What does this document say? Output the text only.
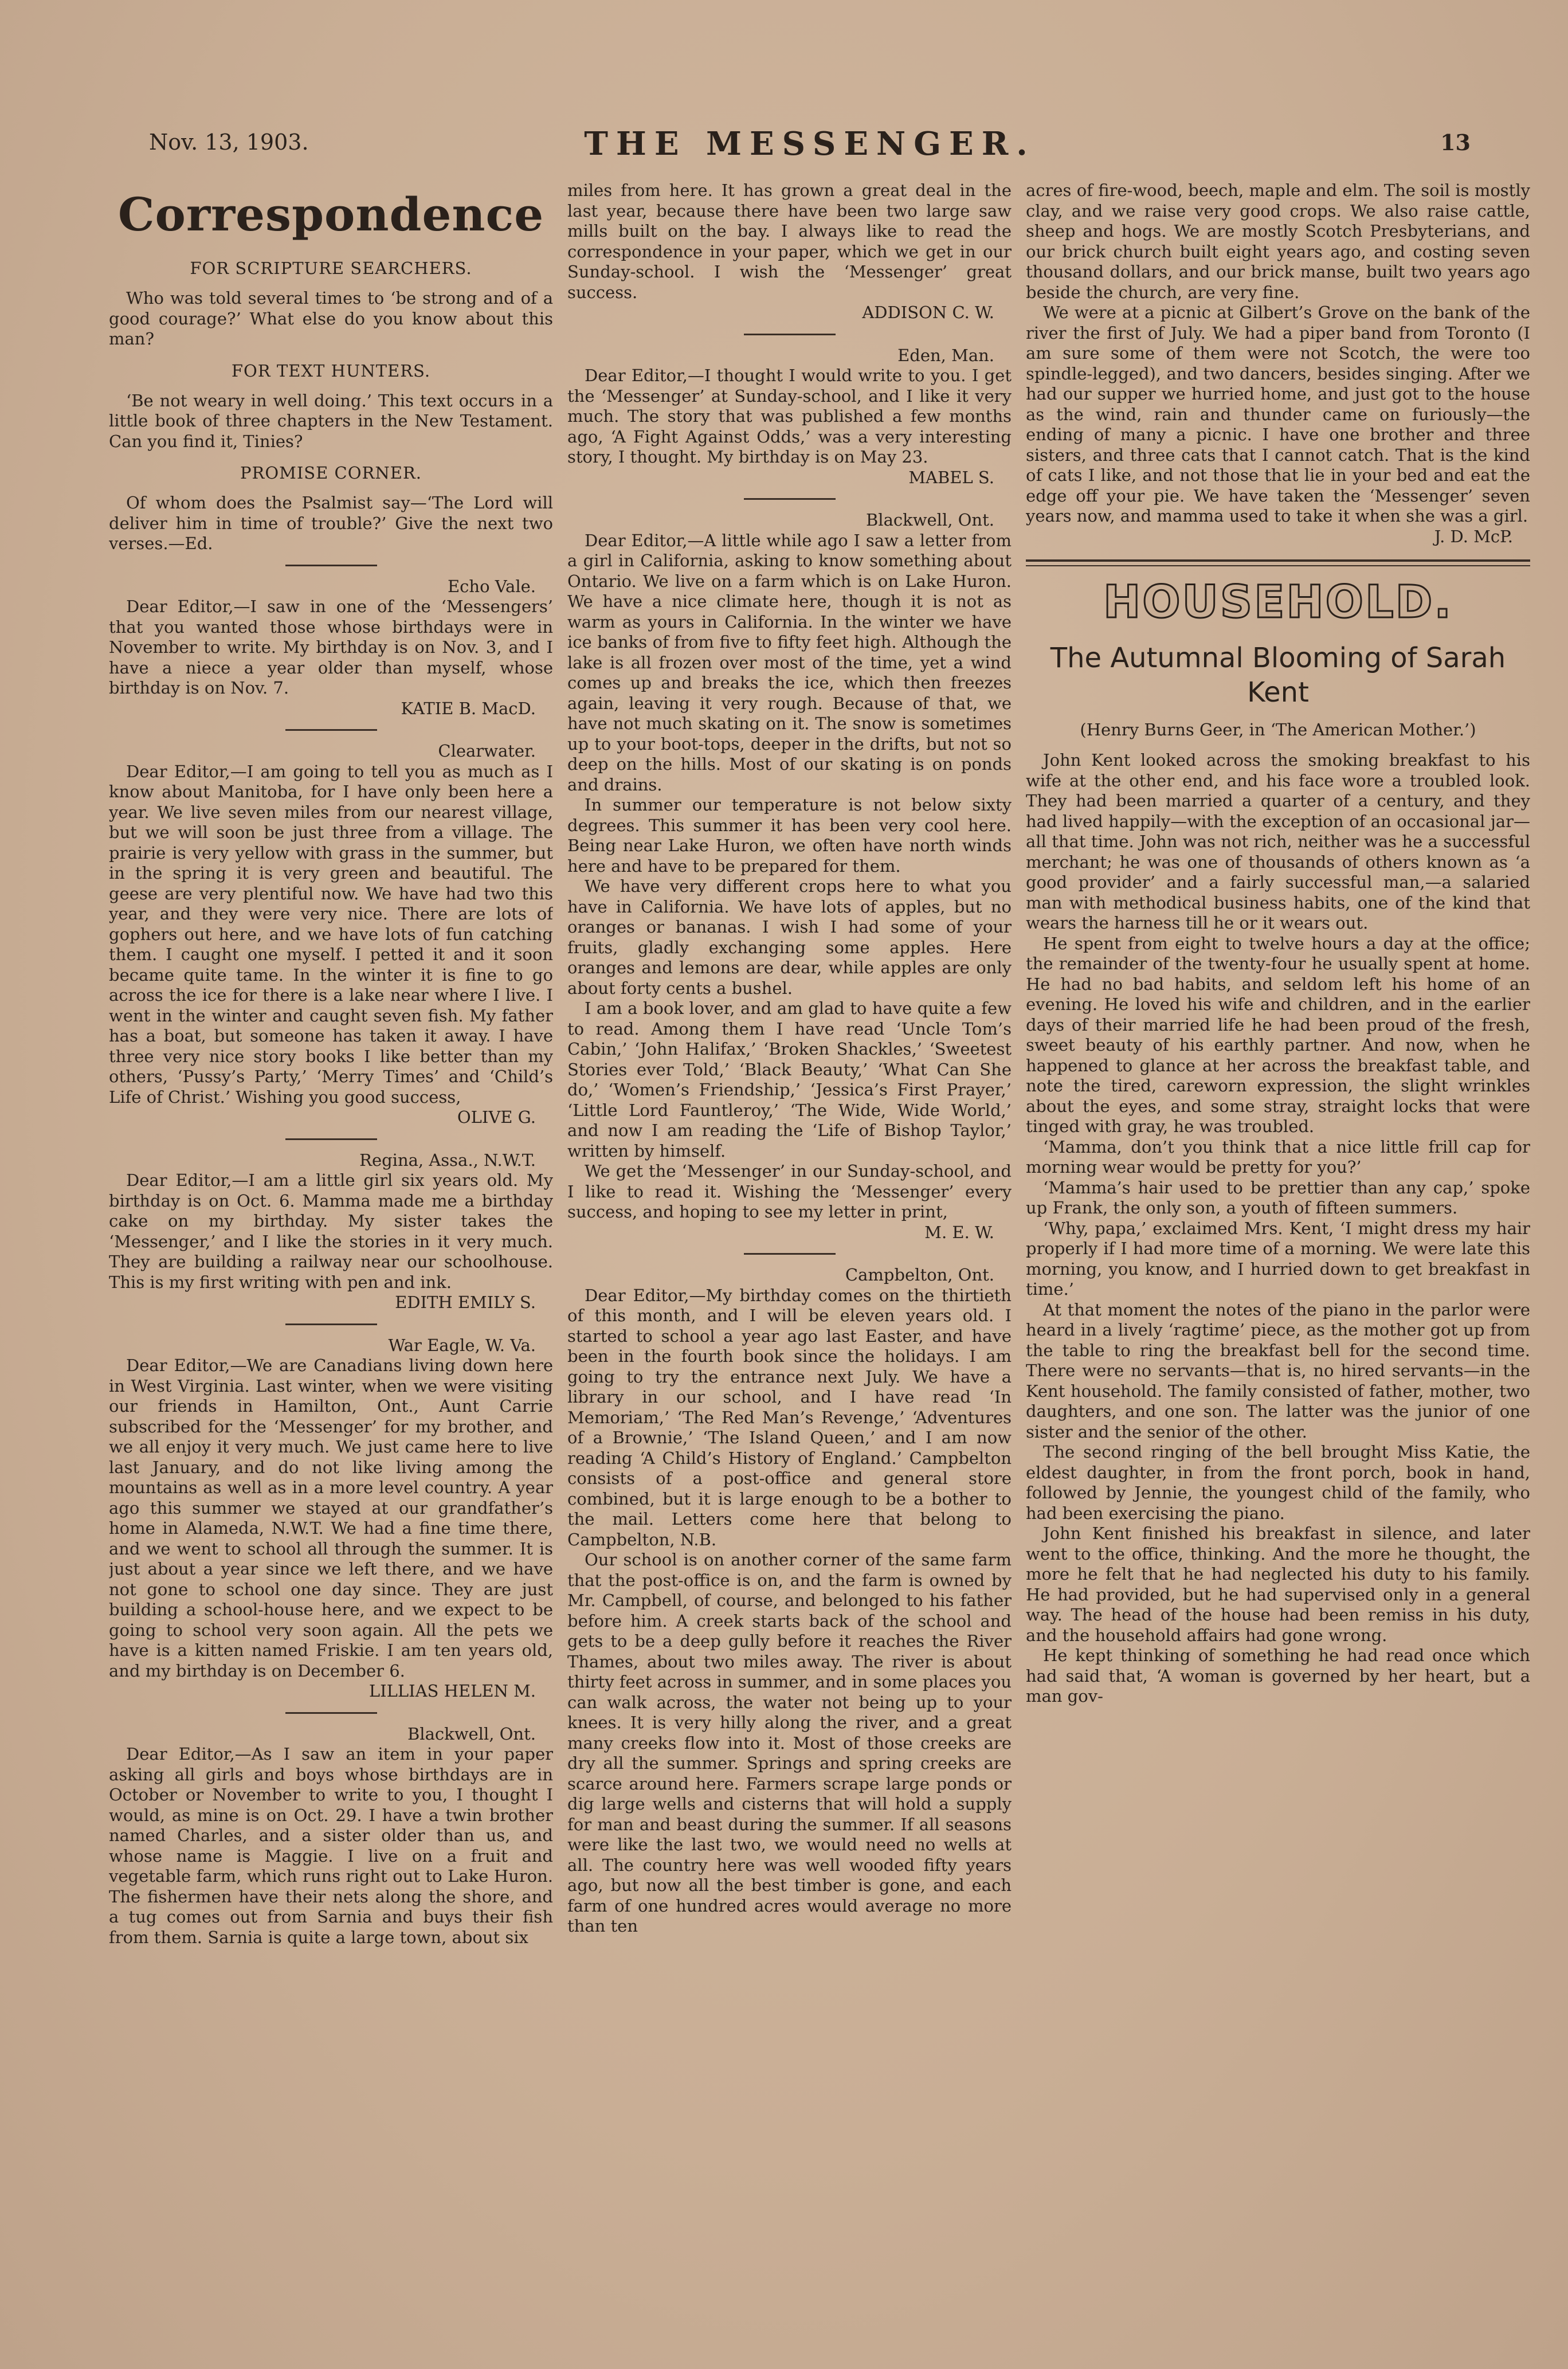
Nov. 13, 1903.	THE MESSENGER.	13
Correspondence
FOR SCRIPTURE SEARCHERS.

Who was told several times to ‘be strong and of a good courage?’ What else do you know about this man?

FOR TEXT HUNTERS.

‘Be not weary in well doing.’ This text occurs in a little book of three chapters in the New Testament. Can you find it, Tinies?

PROMISE CORNER.

Of whom does the Psalmist say—‘The Lord will deliver him in time of trouble?’ Give the next two verses.—Ed.

Echo Vale.

Dear Editor,—I saw in one of the ‘Messengers’ that you wanted those whose birthdays were in November to write. My birthday is on Nov. 3, and I have a niece a year older than myself, whose birthday is on Nov. 7.

KATIE B. MacD.
Clearwater.

Dear Editor,—I am going to tell you as much as I know about Manitoba, for I have only been here a year. We live seven miles from our nearest village, but we will soon be just three from a village. The prairie is very yellow with grass in the summer, but in the spring it is very green and beautiful. The geese are very plentiful now. We have had two this year, and they were very nice. There are lots of gophers out here, and we have lots of fun catching them. I caught one myself. I petted it and it soon became quite tame. In the winter it is fine to go across the ice for there is a lake near where I live. I went in the winter and caught seven fish. My father has a boat, but someone has taken it away. I have three very nice story books I like better than my others, ‘Pussy’s Party,’ ‘Merry Times’ and ‘Child’s Life of Christ.’ Wishing you good success,

OLIVE G.
Regina, Assa., N.W.T.

Dear Editor,—I am a little girl six years old. My birthday is on Oct. 6. Mamma made me a birthday cake on my birthday. My sister takes the ‘Messenger,’ and I like the stories in it very much. They are building a railway near our schoolhouse. This is my first writing with pen and ink.

EDITH EMILY S.
War Eagle, W. Va.

Dear Editor,—We are Canadians living down here in West Virginia. Last winter, when we were visiting our friends in Hamilton, Ont., Aunt Carrie subscribed for the ‘Messenger’ for my brother, and we all enjoy it very much. We just came here to live last January, and do not like living among the mountains as well as in a more level country. A year ago this summer we stayed at our grandfather’s home in Alameda, N.W.T. We had a fine time there, and we went to school all through the summer. It is just about a year since we left there, and we have not gone to school one day since. They are just building a school-house here, and we expect to be going to school very soon again. All the pets we have is a kitten named Friskie. I am ten years old, and my birthday is on December 6.

LILLIAS HELEN M.
Blackwell, Ont.

Dear Editor,—As I saw an item in your paper asking all girls and boys whose birthdays are in October or November to write to you, I thought I would, as mine is on Oct. 29. I have a twin brother named Charles, and a sister older than us, and whose name is Maggie. I live on a fruit and vegetable farm, which runs right out to Lake Huron. The fishermen have their nets along the shore, and a tug comes out from Sarnia and buys their fish from them. Sarnia is quite a large town, about six

miles from here. It has grown a great deal in the last year, because there have been two large saw mills built on the bay. I always like to read the correspondence in your paper, which we get in our Sunday-school. I wish the ‘Messenger’ great success.

ADDISON C. W.
Eden, Man.

Dear Editor,—I thought I would write to you. I get the ‘Messenger’ at Sunday-school, and I like it very much. The story that was published a few months ago, ‘A Fight Against Odds,’ was a very interesting story, I thought. My birthday is on May 23.

MABEL S.
Blackwell, Ont.

Dear Editor,—A little while ago I saw a letter from a girl in California, asking to know something about Ontario. We live on a farm which is on Lake Huron. We have a nice climate here, though it is not as warm as yours in California. In the winter we have ice banks of from five to fifty feet high. Although the lake is all frozen over most of the time, yet a wind comes up and breaks the ice, which then freezes again, leaving it very rough. Because of that, we have not much skating on it. The snow is sometimes up to your boot-tops, deeper in the drifts, but not so deep on the hills. Most of our skating is on ponds and drains.

In summer our temperature is not below sixty degrees. This summer it has been very cool here. Being near Lake Huron, we often have north winds here and have to be prepared for them.

We have very different crops here to what you have in California. We have lots of apples, but no oranges or bananas. I wish I had some of your fruits, gladly exchanging some apples. Here oranges and lemons are dear, while apples are only about forty cents a bushel.

I am a book lover, and am glad to have quite a few to read. Among them I have read ‘Uncle Tom’s Cabin,’ ‘John Halifax,’ ‘Broken Shackles,’ ‘Sweetest Stories ever Told,’ ‘Black Beauty,’ ‘What Can She do,’ ‘Women’s Friendship,’ ‘Jessica’s First Prayer,’ ‘Little Lord Fauntleroy,’ ‘The Wide, Wide World,’ and now I am reading the ‘Life of Bishop Taylor,’ written by himself.

We get the ‘Messenger’ in our Sunday-school, and I like to read it. Wishing the ‘Messenger’ every success, and hoping to see my letter in print,

M. E. W.
Campbelton, Ont.

Dear Editor,—My birthday comes on the thirtieth of this month, and I will be eleven years old. I started to school a year ago last Easter, and have been in the fourth book since the holidays. I am going to try the entrance next July. We have a library in our school, and I have read ‘In Memoriam,’ ‘The Red Man’s Revenge,’ ‘Adventures of a Brownie,’ ‘The Island Queen,’ and I am now reading ‘A Child’s History of England.’ Campbelton consists of a post-office and general store combined, but it is large enough to be a bother to the mail. Letters come here that belong to Campbelton, N.B.

Our school is on another corner of the same farm that the post-office is on, and the farm is owned by Mr. Campbell, of course, and belonged to his father before him. A creek starts back of the school and gets to be a deep gully before it reaches the River Thames, about two miles away. The river is about thirty feet across in summer, and in some places you can walk across, the water not being up to your knees. It is very hilly along the river, and a great many creeks flow into it. Most of those creeks are dry all the summer. Springs and spring creeks are scarce around here. Farmers scrape large ponds or dig large wells and cisterns that will hold a supply for man and beast during the summer. If all seasons were like the last two, we would need no wells at all. The country here was well wooded fifty years ago, but now all the best timber is gone, and each farm of one hundred acres would average no more than ten

acres of fire-wood, beech, maple and elm. The soil is mostly clay, and we raise very good crops. We also raise cattle, sheep and hogs. We are mostly Scotch Presbyterians, and our brick church built eight years ago, and costing seven thousand dollars, and our brick manse, built two years ago beside the church, are very fine.

We were at a picnic at Gilbert’s Grove on the bank of the river the first of July. We had a piper band from Toronto (I am sure some of them were not Scotch, the were too spindle-legged), and two dancers, besides singing. After we had our supper we hurried home, and just got to the house as the wind, rain and thunder came on furiously—the ending of many a picnic. I have one brother and three sisters, and three cats that I cannot catch. That is the kind of cats I like, and not those that lie in your bed and eat the edge off your pie. We have taken the ‘Messenger’ seven years now, and mamma used to take it when she was a girl.

J. D. McP.
HOUSEHOLD.
The Autumnal Blooming of Sarah Kent
(Henry Burns Geer, in ‘The American Mother.’)

John Kent looked across the smoking breakfast to his wife at the other end, and his face wore a troubled look. They had been married a quarter of a century, and they had lived happily—with the exception of an occasional jar—all that time. John was not rich, neither was he a successful merchant; he was one of thousands of others known as ‘a good provider’ and a fairly successful man,—a salaried man with methodical business habits, one of the kind that wears the harness till he or it wears out.

He spent from eight to twelve hours a day at the office; the remainder of the twenty-four he usually spent at home. He had no bad habits, and seldom left his home of an evening. He loved his wife and children, and in the earlier days of their married life he had been proud of the fresh, sweet beauty of his earthly partner. And now, when he happened to glance at her across the breakfast table, and note the tired, careworn expression, the slight wrinkles about the eyes, and some stray, straight locks that were tinged with gray, he was troubled.

‘Mamma, don’t you think that a nice little frill cap for morning wear would be pretty for you?’

‘Mamma’s hair used to be prettier than any cap,’ spoke up Frank, the only son, a youth of fifteen summers.

‘Why, papa,’ exclaimed Mrs. Kent, ‘I might dress my hair properly if I had more time of a morning. We were late this morning, you know, and I hurried down to get breakfast in time.’

At that moment the notes of the piano in the parlor were heard in a lively ‘ragtime’ piece, as the mother got up from the table to ring the breakfast bell for the second time. There were no servants—that is, no hired servants—in the Kent household. The family consisted of father, mother, two daughters, and one son. The latter was the junior of one sister and the senior of the other.

The second ringing of the bell brought Miss Katie, the eldest daughter, in from the front porch, book in hand, followed by Jennie, the youngest child of the family, who had been exercising the piano.

John Kent finished his breakfast in silence, and later went to the office, thinking. And the more he thought, the more he felt that he had neglected his duty to his family. He had provided, but he had supervised only in a general way. The head of the house had been remiss in his duty, and the household affairs had gone wrong.

He kept thinking of something he had read once which had said that, ‘A woman is governed by her heart, but a man gov-
